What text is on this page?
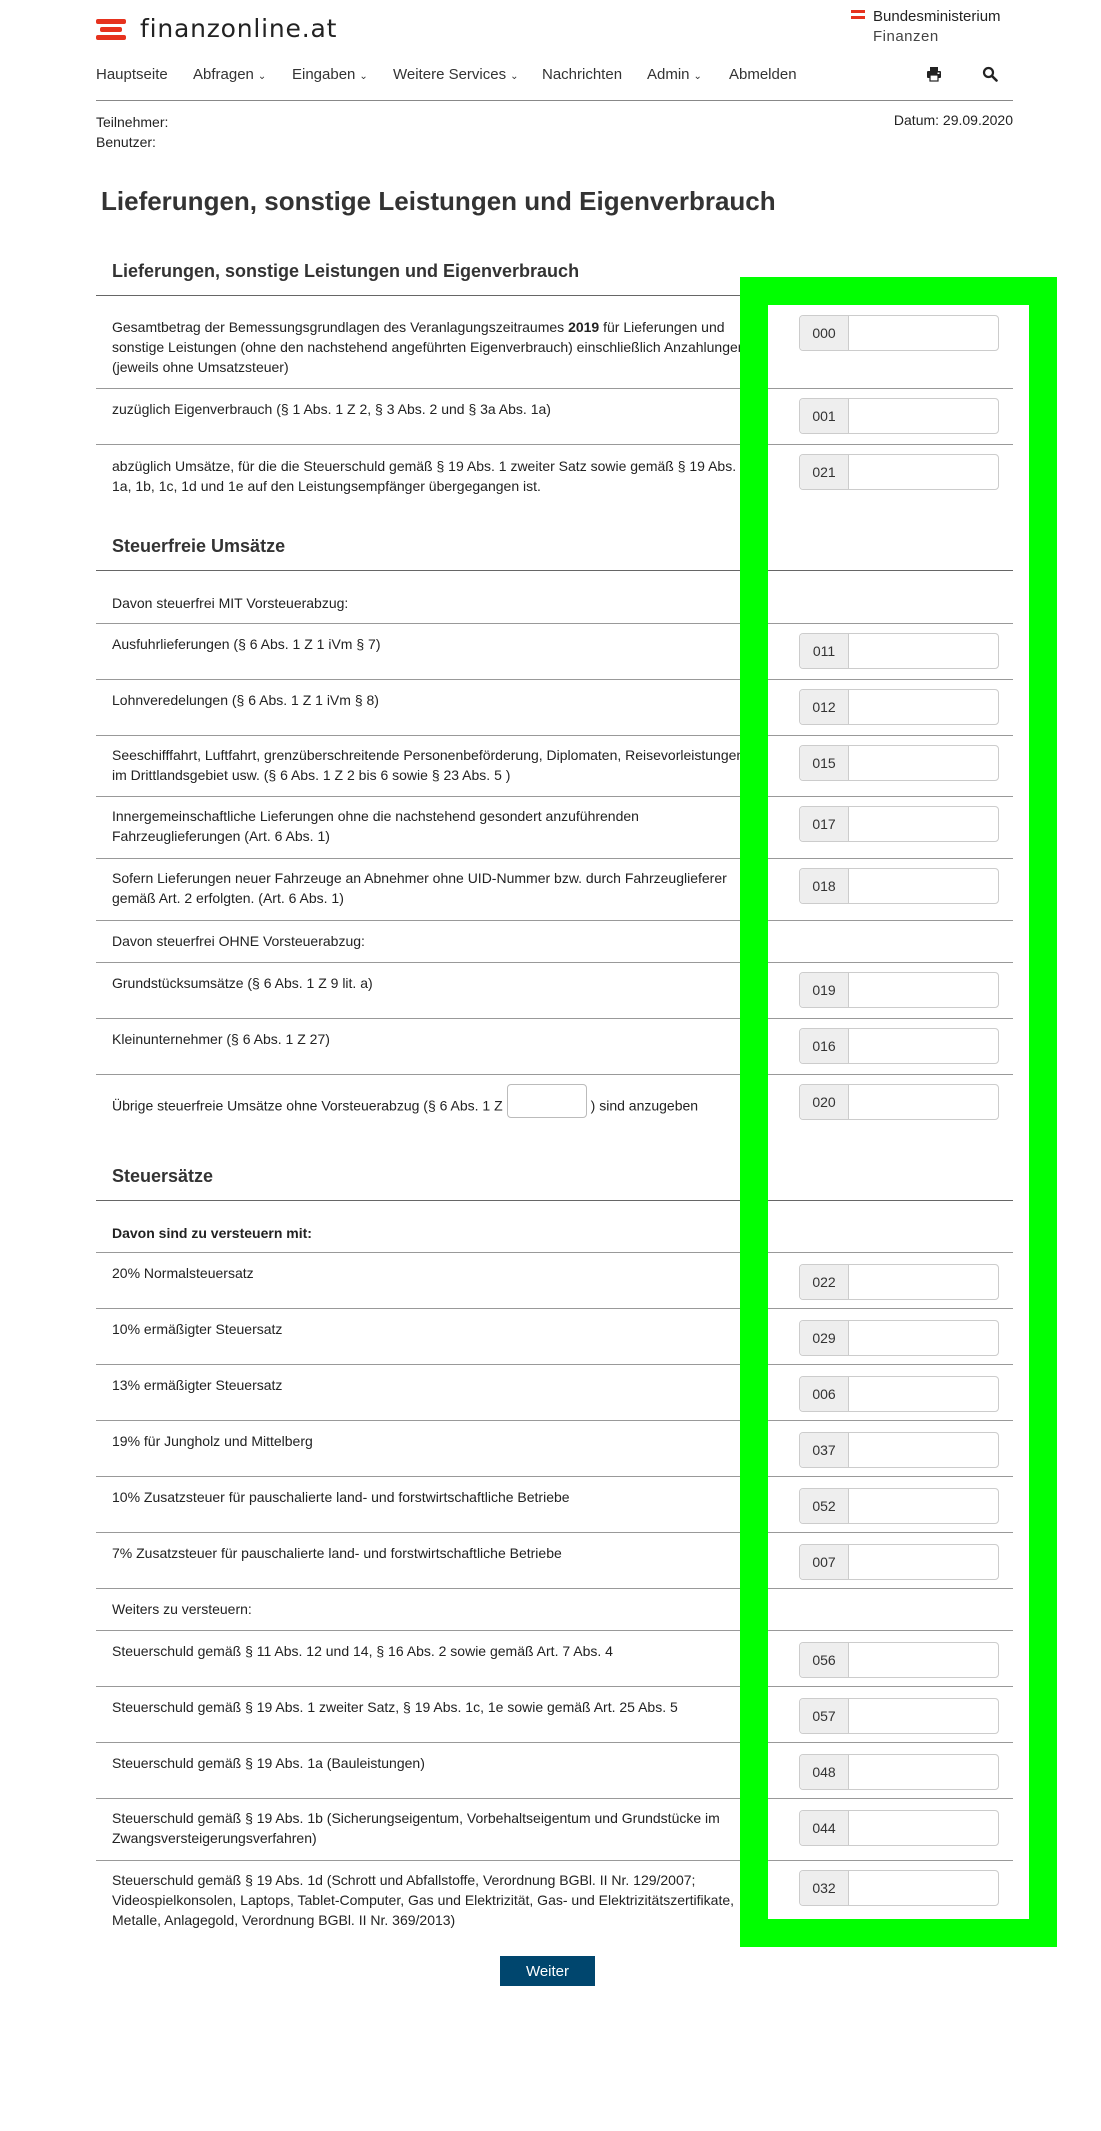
finanzonline.at	Bundesministerium
Finanzen
Hauptseite Abfragen ⌄ Eingaben ⌄ Weitere Services ⌄ Nachrichten Admin ⌄ Abmelden
Teilnehmer:
Benutzer:
Datum: 29.09.2020
Lieferungen, sonstige Leistungen und Eigenverbrauch
Lieferungen, sonstige Leistungen und Eigenverbrauch
Gesamtbetrag der Bemessungsgrundlagen des Veranlagungszeitraumes 2019 für Lieferungen und sonstige Leistungen (ohne den nachstehend angeführten Eigenverbrauch) einschließlich Anzahlungen (jeweils ohne Umsatzsteuer)
000
zuzüglich Eigenverbrauch (§ 1 Abs. 1 Z 2, § 3 Abs. 2 und § 3a Abs. 1a)	001
abzüglich Umsätze, für die die Steuerschuld gemäß § 19 Abs. 1 zweiter Satz sowie gemäß § 19 Abs. 1a, 1b, 1c, 1d und 1e auf den Leistungsempfänger übergegangen ist.
021
Steuerfreie Umsätze
Davon steuerfrei MIT Vorsteuerabzug:
Ausfuhrlieferungen (§ 6 Abs. 1 Z 1 iVm § 7)	011
Lohnveredelungen (§ 6 Abs. 1 Z 1 iVm § 8)	012
Seeschifffahrt, Luftfahrt, grenzüberschreitende Personenbeförderung, Diplomaten, Reisevorleistungen im Drittlandsgebiet usw. (§ 6 Abs. 1 Z 2 bis 6 sowie § 23 Abs. 5 )
015
Innergemeinschaftliche Lieferungen ohne die nachstehend gesondert anzuführenden Fahrzeuglieferungen (Art. 6 Abs. 1)
017
Sofern Lieferungen neuer Fahrzeuge an Abnehmer ohne UID-Nummer bzw. durch Fahrzeuglieferer gemäß Art. 2 erfolgten. (Art. 6 Abs. 1)
018
Davon steuerfrei OHNE Vorsteuerabzug:
Grundstücksumsätze (§ 6 Abs. 1 Z 9 lit. a)	019
Kleinunternehmer (§ 6 Abs. 1 Z 27)	016
Übrige steuerfreie Umsätze ohne Vorsteuerabzug (§ 6 Abs. 1 Z	) sind anzugeben	020
Steuersätze
Davon sind zu versteuern mit:
20% Normalsteuersatz
022
10% ermäßigter Steuersatz
029
13% ermäßigter Steuersatz
006
19% für Jungholz und Mittelberg
037
10% Zusatzsteuer für pauschalierte land- und forstwirtschaftliche Betriebe
052
7% Zusatzsteuer für pauschalierte land- und forstwirtschaftliche Betriebe
007
Weiters zu versteuern:
Steuerschuld gemäß § 11 Abs. 12 und 14, § 16 Abs. 2 sowie gemäß Art. 7 Abs. 4
056
Steuerschuld gemäß § 19 Abs. 1 zweiter Satz, § 19 Abs. 1c, 1e sowie gemäß Art. 25 Abs. 5
057
Steuerschuld gemäß § 19 Abs. 1a (Bauleistungen)
048
Steuerschuld gemäß § 19 Abs. 1b (Sicherungseigentum, Vorbehaltseigentum und Grundstücke im Zwangsversteigerungsverfahren)
044
Steuerschuld gemäß § 19 Abs. 1d (Schrott und Abfallstoffe, Verordnung BGBl. II Nr. 129/2007; Videospielkonsolen, Laptops, Tablet-Computer, Gas und Elektrizität, Gas- und Elektrizitätszertifikate, Metalle, Anlagegold, Verordnung BGBl. II Nr. 369/2013)
032
Weiter
